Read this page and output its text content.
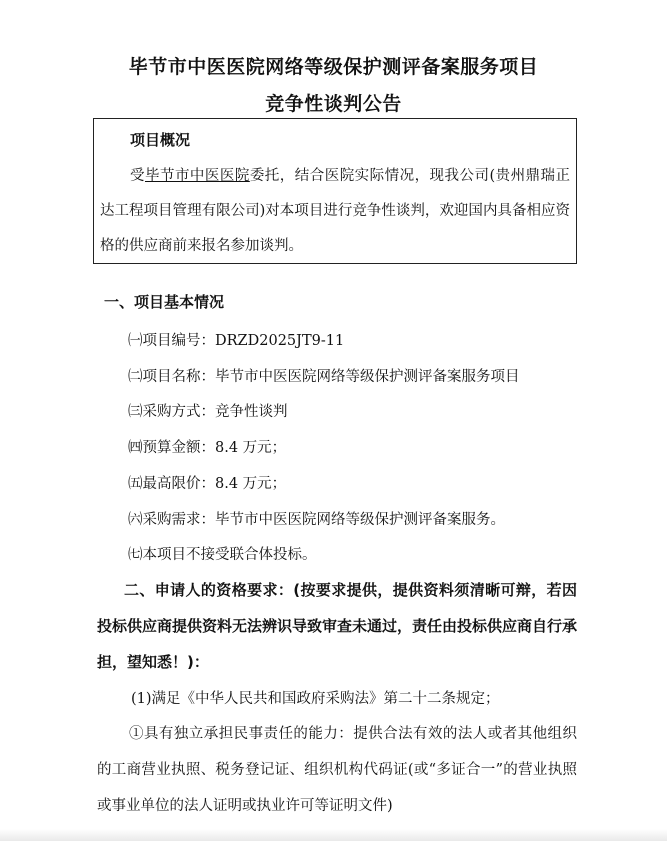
毕节市中医医院网络等级保护测评备案服务项目
竞争性谈判公告
项目概况
受毕节市中医医院委托，结合医院实际情况，现我公司(贵州鼎瑞正达工程项目管理有限公司)对本项目进行竞争性谈判，欢迎国内具备相应资格的供应商前来报名参加谈判。
一、项目基本情况
㈠项目编号：DRZD2025JT9-11
㈡项目名称：毕节市中医医院网络等级保护测评备案服务项目
㈢采购方式：竞争性谈判
㈣预算金额：8.4 万元；
㈤最高限价：8.4 万元；
㈥采购需求：毕节市中医医院网络等级保护测评备案服务。
㈦本项目不接受联合体投标。
二、申请人的资格要求：(按要求提供，提供资料须清晰可辩，若因投标供应商提供资料无法辨识导致审查未通过，责任由投标供应商自行承担，望知悉！)：
(1)满足《中华人民共和国政府采购法》第二十二条规定；
①具有独立承担民事责任的能力：提供合法有效的法人或者其他组织的工商营业执照、税务登记证、组织机构代码证(或“多证合一”的营业执照或事业单位的法人证明或执业许可等证明文件)
